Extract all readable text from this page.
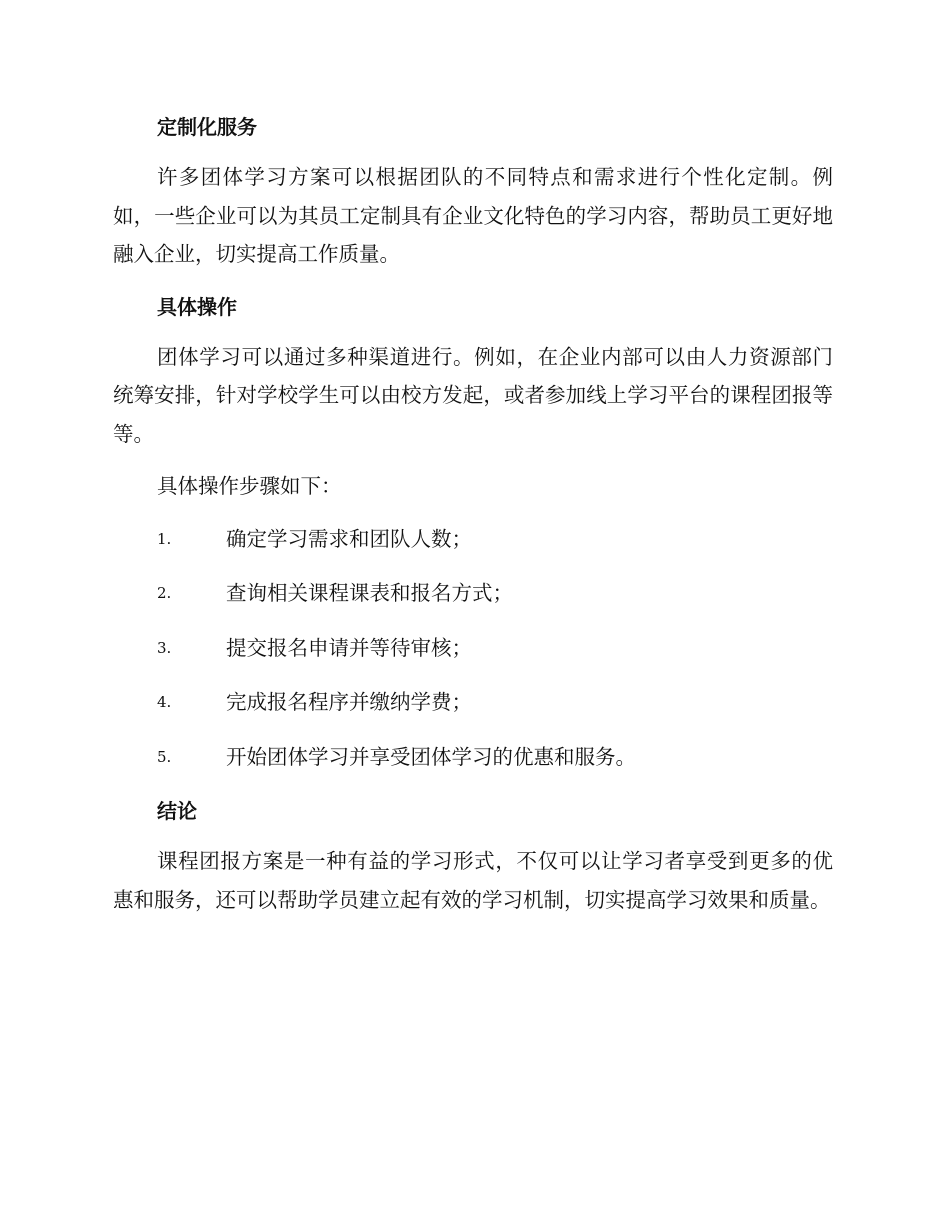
定制化服务

许多团体学习方案可以根据团队的不同特点和需求进行个性化定制。例如，一些企业可以为其员工定制具有企业文化特色的学习内容，帮助员工更好地融入企业，切实提高工作质量。

具体操作

团体学习可以通过多种渠道进行。例如，在企业内部可以由人力资源部门统筹安排，针对学校学生可以由校方发起，或者参加线上学习平台的课程团报等等。

具体操作步骤如下：

1.	确定学习需求和团队人数；
2.	查询相关课程课表和报名方式；
3.	提交报名申请并等待审核；
4.	完成报名程序并缴纳学费；
5.	开始团体学习并享受团体学习的优惠和服务。
结论

课程团报方案是一种有益的学习形式，不仅可以让学习者享受到更多的优惠和服务，还可以帮助学员建立起有效的学习机制，切实提高学习效果和质量。
